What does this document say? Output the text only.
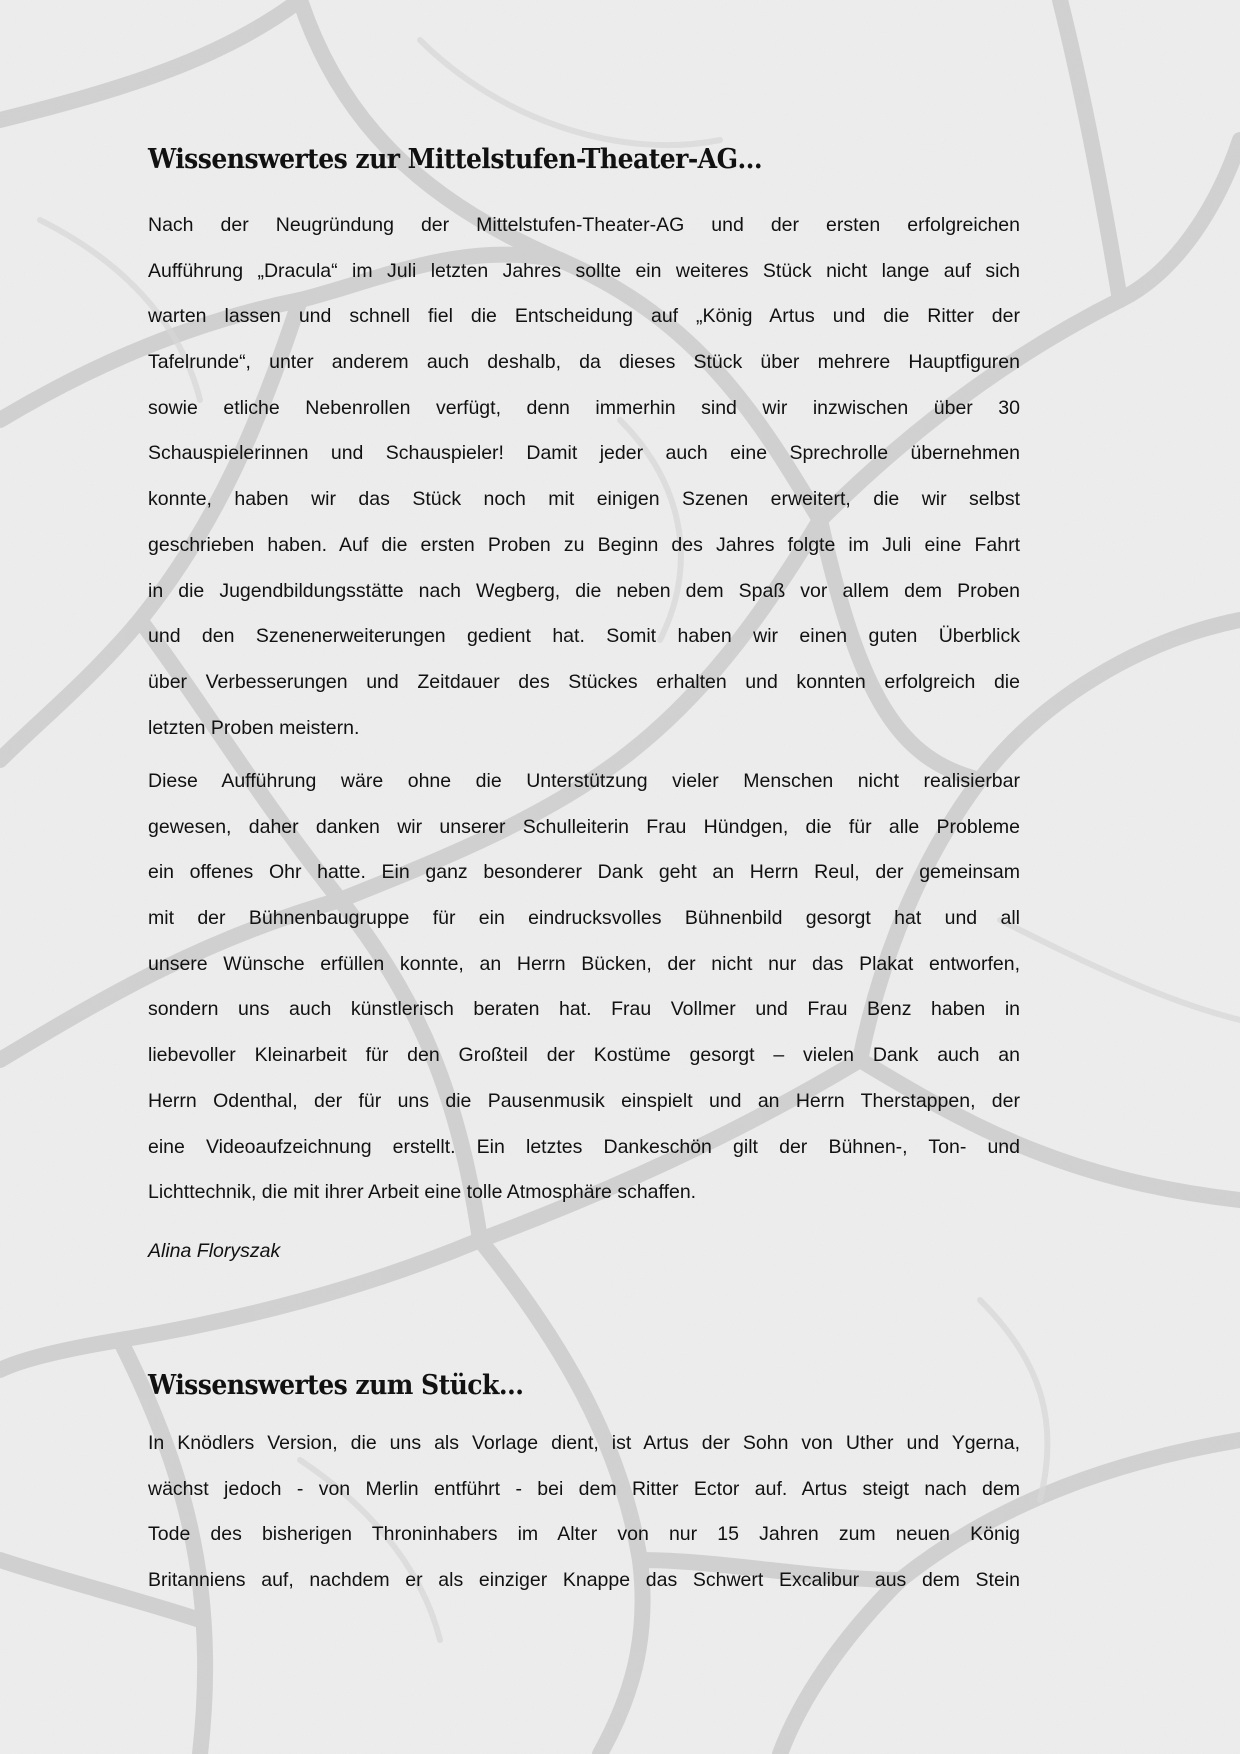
Wissenswertes zur Mittelstufen-Theater-AG…
Nach der Neugründung der Mittelstufen-Theater-AG und der ersten erfolgreichen
Aufführung „Dracula“ im Juli letzten Jahres sollte ein weiteres Stück nicht lange auf sich
warten lassen und schnell fiel die Entscheidung auf „König Artus und die Ritter der
Tafelrunde“, unter anderem auch deshalb, da dieses Stück über mehrere Hauptfiguren
sowie etliche Nebenrollen verfügt, denn immerhin sind wir inzwischen über 30
Schauspielerinnen und Schauspieler! Damit jeder auch eine Sprechrolle übernehmen
konnte, haben wir das Stück noch mit einigen Szenen erweitert, die wir selbst
geschrieben haben. Auf die ersten Proben zu Beginn des Jahres folgte im Juli eine Fahrt
in die Jugendbildungsstätte nach Wegberg, die neben dem Spaß vor allem dem Proben
und den Szenenerweiterungen gedient hat. Somit haben wir einen guten Überblick
über Verbesserungen und Zeitdauer des Stückes erhalten und konnten erfolgreich die
letzten Proben meistern.
Diese Aufführung wäre ohne die Unterstützung vieler Menschen nicht realisierbar
gewesen, daher danken wir unserer Schulleiterin Frau Hündgen, die für alle Probleme
ein offenes Ohr hatte. Ein ganz besonderer Dank geht an Herrn Reul, der gemeinsam
mit der Bühnenbaugruppe für ein eindrucksvolles Bühnenbild gesorgt hat und all
unsere Wünsche erfüllen konnte, an Herrn Bücken, der nicht nur das Plakat entworfen,
sondern uns auch künstlerisch beraten hat. Frau Vollmer und Frau Benz haben in
liebevoller Kleinarbeit für den Großteil der Kostüme gesorgt – vielen Dank auch an
Herrn Odenthal, der für uns die Pausenmusik einspielt und an Herrn Therstappen, der
eine Videoaufzeichnung erstellt. Ein letztes Dankeschön gilt der Bühnen-, Ton- und
Lichttechnik, die mit ihrer Arbeit eine tolle Atmosphäre schaffen.
Alina Floryszak
Wissenswertes zum Stück…
In Knödlers Version, die uns als Vorlage dient, ist Artus der Sohn von Uther und Ygerna,
wächst jedoch - von Merlin entführt - bei dem Ritter Ector auf. Artus steigt nach dem
Tode des bisherigen Throninhabers im Alter von nur 15 Jahren zum neuen König
Britanniens auf, nachdem er als einziger Knappe das Schwert Excalibur aus dem Stein
